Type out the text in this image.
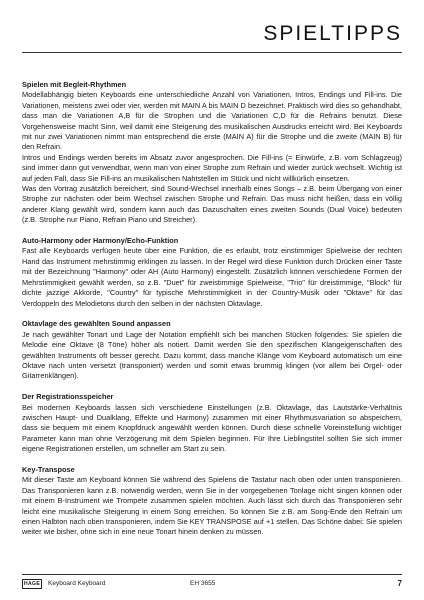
SPIELTIPPS
Spielen mit Begleit-Rhythmen

Modellabhängig bieten Keyboards eine unterschiedliche Anzahl von Variationen, Intros, Endings und Fill-ins. Die Variationen, meistens zwei oder vier, werden mit MAIN A bis MAIN D bezeichnet. Praktisch wird dies so gehandhabt, dass man die Variationen A,B für die Strophen und die Variationen C,D für die Refrains benutzt. Diese Vorgehensweise macht Sinn, weil damit eine Steigerung des musikalischen Ausdrucks erreicht wird. Bei Keyboards mit nur zwei Variationen nimmt man entsprechend die erste (MAIN A) für die Strophe und die zweite (MAIN B) für den Refrain.

Intros und Endings werden bereits im Absatz zuvor angesprochen. Die Fill-ins (= Einwürfe, z.B. vom Schlagzeug) sind immer dann gut verwendbar, wenn man von einer Strophe zum Refrain und wieder zurück wechselt. Wichtig ist auf jeden Fall, dass Sie Fill-ins an musikalischen Nahtstellen im Stück und nicht willkürlich einsetzen.

Was den Vortrag zusätzlich bereichert, sind Sound-Wechsel innerhalb eines Songs – z.B. beim Übergang von einer Strophe zur nächsten oder beim Wechsel zwischen Strophe und Refrain. Das muss nicht heißen, dass ein völlig anderer Klang gewählt wird, sondern kann auch das Dazuschalten eines zweiten Sounds (Dual Voice) bedeuten (z.B. Strophe nur Piano, Refrain Piano und Streicher).

Auto-Harmony oder Harmony/Echo-Funktion

Fast alle Keyboards verfügen heute über eine Funktion, die es erlaubt, trotz einstimmiger Spielweise der rechten Hand das Instrument mehrstimmig erklingen zu lassen. In der Regel wird diese Funktion durch Drücken einer Taste mit der Bezeichnung "Harmony" oder AH (Auto Harmony) eingestellt. Zusätzlich können verschiedene Formen der Mehrstimmigkeit gewählt werden, so z.B. "Duet" für zweistimmige Spielweise, "Trio" für dreistimmige, "Block" für dichte jazzige Akkorde, "Country" für typische Mehrstimmigkeit in der Country-Musik oder "Oktave" für das Verdoppeln des Melodietons durch den selben in der nächsten Oktavlage.

Oktavlage des gewählten Sound anpassen

Je nach gewählter Tonart und Lage der Notation empfiehlt sich bei manchen Stücken folgendes: Sie spielen die Melodie eine Oktave (8 Töne) höher als notiert. Damit werden Sie den spezifischen Klangeigenschaften des gewählten Instruments oft besser gerecht. Dazu kommt, dass manche Klänge vom Keyboard automatisch um eine Oktave nach unten versetzt (transponiert) werden und somit etwas brummig klingen (vor allem bei Orgel- oder Gitarrenklängen).

Der Registrationsspeicher

Bei modernen Keyboards lassen sich verschiedene Einstellungen (z.B. Oktavlage, das Lautstärke-Verhältnis zwischen Haupt- und Dualklang, Effekte und Harmony) zusammen mit einer Rhythmusvariation so abspeichern, dass sie bequem mit einem Knopfdruck angewählt werden können. Durch diese schnelle Voreinstellung wichtiger Parameter kann man ohne Verzögerung mit dem Spielen beginnen. Für Ihre Lieblingstitel sollten Sie sich immer eigene Registrationen erstellen, um schneller am Start zu sein.

Key-Transpose

Mit dieser Taste am Keyboard können Sie während des Spielens die Tastatur nach oben oder unten transponieren. Das Transponieren kann z.B. notwendig werden, wenn Sie in der vorgegebenen Tonlage nicht singen können oder mit einem B-Instrument wie Trompete zusammen spielen möchten. Auch lässt sich durch das Transponieren sehr leicht eine musikalische Steigerung in einem Song erreichen. So können Sie z.B. am Song-Ende den Refrain um einen Halbton nach oben transponieren, indem Sie KEY TRANSPOSE auf +1 stellen. Das Schöne dabei: Sie spielen weiter wie bisher, ohne sich in eine neue Tonart hinein denken zu müssen.

HAGE Keyboard Keyboard	EH 3655	7
